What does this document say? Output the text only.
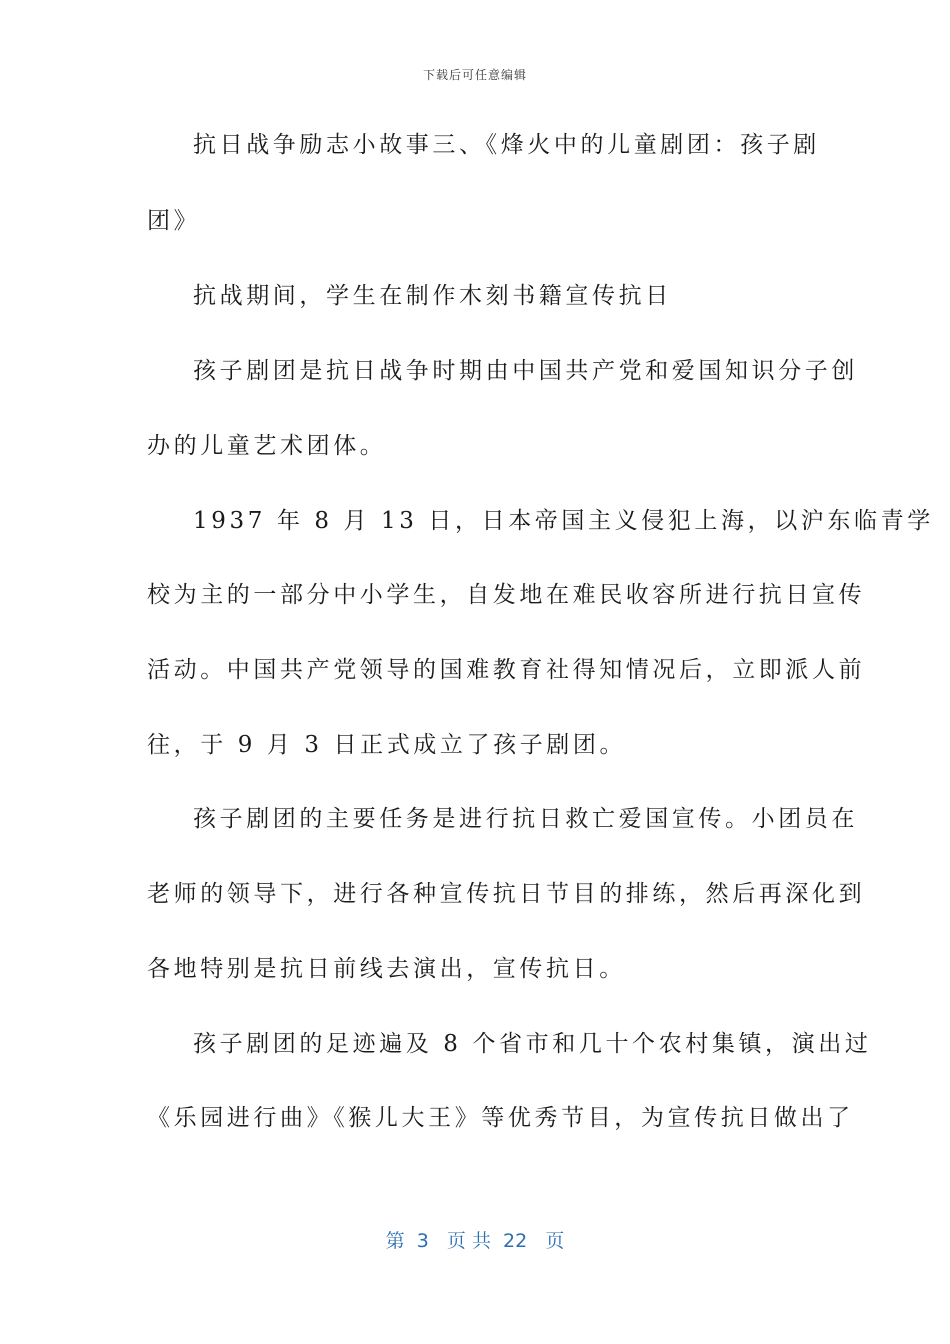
下载后可任意编辑
抗日战争励志小故事三、《烽火中的儿童剧团：孩子剧
团》
抗战期间，学生在制作木刻书籍宣传抗日
孩子剧团是抗日战争时期由中国共产党和爱国知识分子创
办的儿童艺术团体。
1937 年 8 月 13 日，日本帝国主义侵犯上海，以沪东临青学
校为主的一部分中小学生，自发地在难民收容所进行抗日宣传
活动。中国共产党领导的国难教育社得知情况后，立即派人前
往，于 9 月 3 日正式成立了孩子剧团。
孩子剧团的主要任务是进行抗日救亡爱国宣传。小团员在
老师的领导下，进行各种宣传抗日节目的排练，然后再深化到
各地特别是抗日前线去演出，宣传抗日。
孩子剧团的足迹遍及 8 个省市和几十个农村集镇，演出过
《乐园进行曲》《猴儿大王》等优秀节目，为宣传抗日做出了
第  3   页 共  22   页
